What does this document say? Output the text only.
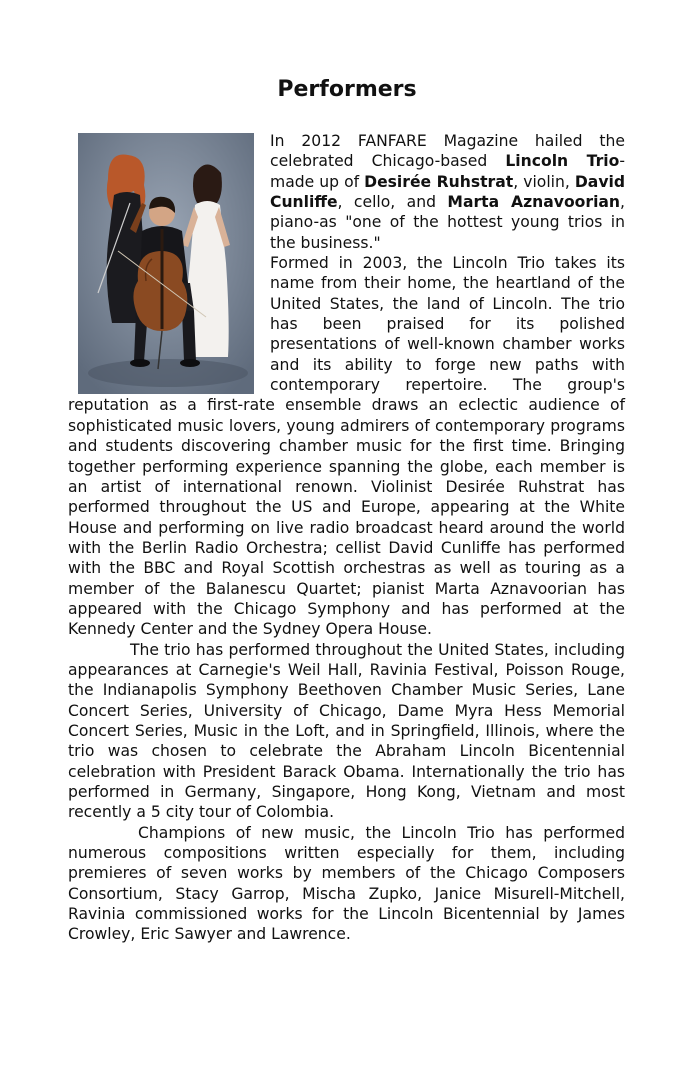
Performers

In 2012 FANFARE Magazine hailed the celebrated Chicago-based Lincoln Trio-made up of Desirée Ruhstrat, violin, David Cunliffe, cello, and Marta Aznavoorian, piano-as "one of the hottest young trios in the business."

Formed in 2003, the Lincoln Trio takes its name from their home, the heartland of the United States, the land of Lincoln. The trio has been praised for its polished presentations of well-known chamber works and its ability to forge new paths with contemporary repertoire. The group's reputation as a first-rate ensemble draws an eclectic audience of sophisticated music lovers, young admirers of contemporary programs and students discovering chamber music for the first time. Bringing together performing experience spanning the globe, each member is an artist of international renown. Violinist Desirée Ruhstrat has performed throughout the US and Europe, appearing at the White House and performing on live radio broadcast heard around the world with the Berlin Radio Orchestra; cellist David Cunliffe has performed with the BBC and Royal Scottish orchestras as well as touring as a member of the Balanescu Quartet; pianist Marta Aznavoorian has appeared with the Chicago Symphony and has performed at the Kennedy Center and the Sydney Opera House.

The trio has performed throughout the United States, including appearances at Carnegie's Weil Hall, Ravinia Festival, Poisson Rouge, the Indianapolis Symphony Beethoven Chamber Music Series, Lane Concert Series, University of Chicago, Dame Myra Hess Memorial Concert Series, Music in the Loft, and in Springfield, Illinois, where the trio was chosen to celebrate the Abraham Lincoln Bicentennial celebration with President Barack Obama. Internationally the trio has performed in Germany, Singapore, Hong Kong, Vietnam and most recently a 5 city tour of Colombia.

Champions of new music, the Lincoln Trio has performed numerous compositions written especially for them, including premieres of seven works by members of the Chicago Composers Consortium, Stacy Garrop, Mischa Zupko, Janice Misurell-Mitchell, Ravinia commissioned works for the Lincoln Bicentennial by James Crowley, Eric Sawyer and Lawrence.
